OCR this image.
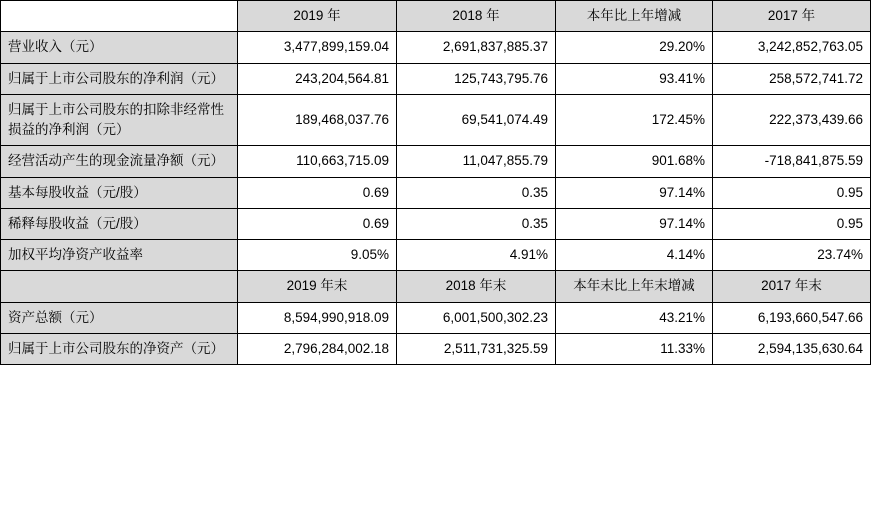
	2019 年	2018 年	本年比上年增减	2017 年
营业收入（元）	3,477,899,159.04	2,691,837,885.37	29.20%	3,242,852,763.05
归属于上市公司股东的净利润（元）	243,204,564.81	125,743,795.76	93.41%	258,572,741.72
归属于上市公司股东的扣除非经常性损益的净利润（元）	189,468,037.76	69,541,074.49	172.45%	222,373,439.66
经营活动产生的现金流量净额（元）	110,663,715.09	11,047,855.79	901.68%	-718,841,875.59
基本每股收益（元/股）	0.69	0.35	97.14%	0.95
稀释每股收益（元/股）	0.69	0.35	97.14%	0.95
加权平均净资产收益率	9.05%	4.91%	4.14%	23.74%
	2019 年末	2018 年末	本年末比上年末增减	2017 年末
资产总额（元）	8,594,990,918.09	6,001,500,302.23	43.21%	6,193,660,547.66
归属于上市公司股东的净资产（元）	2,796,284,002.18	2,511,731,325.59	11.33%	2,594,135,630.64
